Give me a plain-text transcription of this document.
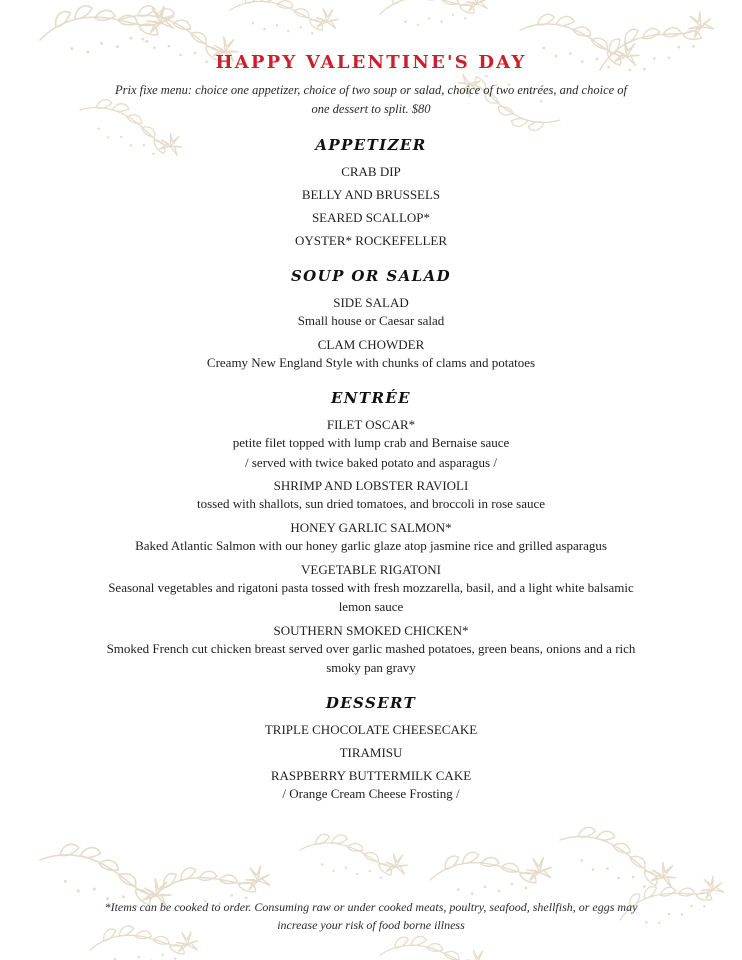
HAPPY VALENTINE'S DAY
Prix fixe menu: choice one appetizer, choice of two soup or salad, choice of two entrées, and choice of one dessert to split. $80
APPETIZER
CRAB DIP
BELLY AND BRUSSELS
SEARED SCALLOP*
OYSTER* ROCKEFELLER
SOUP OR SALAD
SIDE SALAD
Small house or Caesar salad
CLAM CHOWDER
Creamy New England Style with chunks of clams and potatoes
ENTRÉE
FILET OSCAR*
petite filet topped with lump crab and Bernaise sauce
/ served with twice baked potato and asparagus /
SHRIMP AND LOBSTER RAVIOLI
tossed with shallots, sun dried tomatoes, and broccoli in rose sauce
HONEY GARLIC SALMON*
Baked Atlantic Salmon with our honey garlic glaze atop jasmine rice and grilled asparagus
VEGETABLE RIGATONI
Seasonal vegetables and rigatoni pasta tossed with fresh mozzarella, basil, and a light white balsamic
lemon sauce
SOUTHERN SMOKED CHICKEN*
Smoked French cut chicken breast served over garlic mashed potatoes, green beans, onions and a rich
smoky pan gravy
DESSERT
TRIPLE CHOCOLATE CHEESECAKE
TIRAMISU
RASPBERRY BUTTERMILK CAKE
/ Orange Cream Cheese Frosting /
*Items can be cooked to order. Consuming raw or under cooked meats, poultry, seafood, shellfish, or eggs may
increase your risk of food borne illness
